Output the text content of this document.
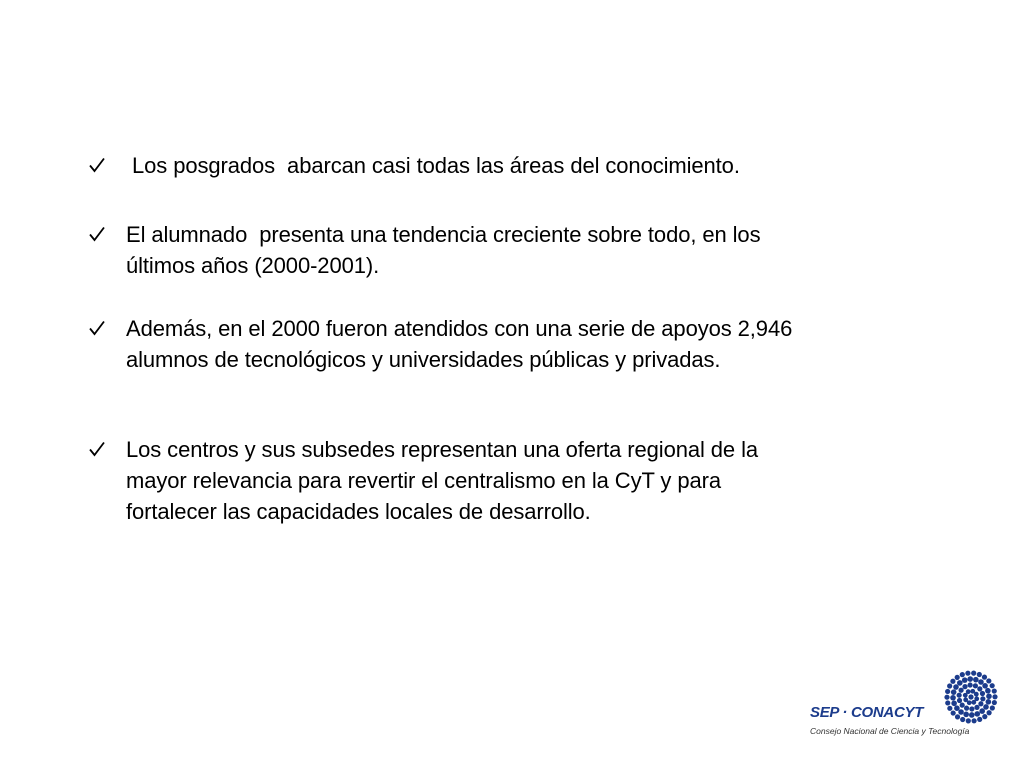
Los posgrados  abarcan casi todas las áreas del conocimiento.
El alumnado  presenta una tendencia creciente sobre todo, en los
últimos años (2000-2001).
Además, en el 2000 fueron atendidos con una serie de apoyos 2,946
alumnos de tecnológicos y universidades públicas y privadas.
Los centros y sus subsedes representan una oferta regional de la
mayor relevancia para revertir el centralismo en la CyT y para
fortalecer las capacidades locales de desarrollo.
SEP · CONACYT
Consejo Nacional de Ciencia y Tecnología
